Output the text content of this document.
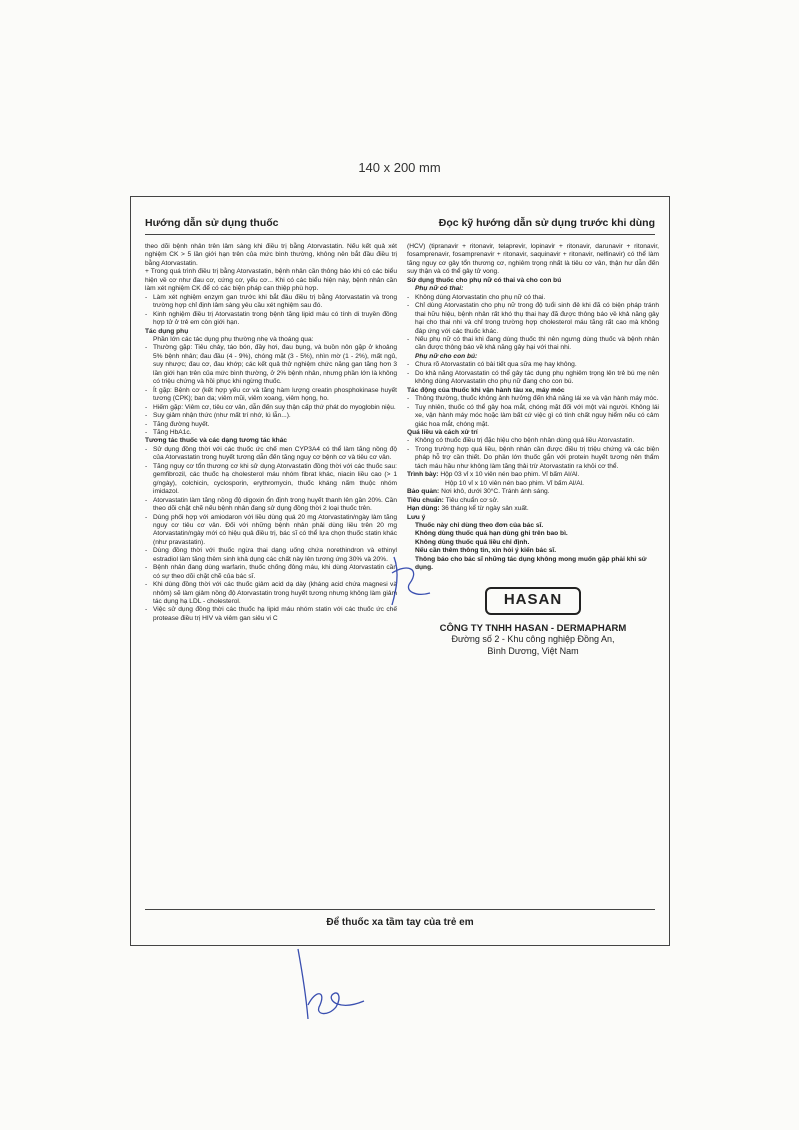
140 x 200 mm
Hướng dẫn sử dụng thuốc	Đọc kỹ hướng dẫn sử dụng trước khi dùng

theo dõi bệnh nhân trên lâm sàng khi điều trị bằng Atorvastatin. Nếu kết quả xét nghiệm CK > 5 lần giới hạn trên của mức bình thường, không nên bắt đầu điều trị bằng Atorvastatin.

+ Trong quá trình điều trị bằng Atorvastatin, bệnh nhân cần thông báo khi có các biểu hiện về cơ như đau cơ, cứng cơ, yếu cơ... Khi có các biểu hiện này, bệnh nhân cần làm xét nghiệm CK để có các biện pháp can thiệp phù hợp.

- Làm xét nghiệm enzym gan trước khi bắt đầu điều trị bằng Atorvastatin và trong trường hợp chỉ định lâm sàng yêu cầu xét nghiệm sau đó.

- Kinh nghiệm điều trị Atorvastatin trong bệnh tăng lipid máu có tính di truyền đồng hợp tử ở trẻ em còn giới hạn.

Tác dụng phụ

Phần lớn các tác dụng phụ thường nhẹ và thoáng qua:

- Thường gặp: Tiêu chảy, táo bón, đầy hơi, đau bụng, và buồn nôn gặp ở khoảng 5% bệnh nhân; đau đầu (4 - 9%), chóng mặt (3 - 5%), nhìn mờ (1 - 2%), mất ngủ, suy nhược; đau cơ, đau khớp; các kết quả thử nghiệm chức năng gan tăng hơn 3 lần giới hạn trên của mức bình thường, ở 2% bệnh nhân, nhưng phần lớn là không có triệu chứng và hồi phục khi ngừng thuốc.

- Ít gặp: Bệnh cơ (kết hợp yếu cơ và tăng hàm lượng creatin phosphokinase huyết tương (CPK); ban da; viêm mũi, viêm xoang, viêm họng, ho.

- Hiếm gặp: Viêm cơ, tiêu cơ vân, dẫn đến suy thận cấp thứ phát do myoglobin niệu.

- Suy giảm nhận thức (như mất trí nhớ, lú lẫn...).

- Tăng đường huyết.

- Tăng HbA1c.

Tương tác thuốc và các dạng tương tác khác

- Sử dụng đồng thời với các thuốc ức chế men CYP3A4 có thể làm tăng nồng độ của Atorvastatin trong huyết tương dẫn đến tăng nguy cơ bệnh cơ và tiêu cơ vân.

- Tăng nguy cơ tổn thương cơ khi sử dụng Atorvastatin đồng thời với các thuốc sau: gemfibrozil, các thuốc hạ cholesterol máu nhóm fibrat khác, niacin liều cao (> 1 g/ngày), colchicin, cyclosporin, erythromycin, thuốc kháng nấm thuộc nhóm imidazol.

- Atorvastatin làm tăng nồng độ digoxin ổn định trong huyết thanh lên gần 20%. Cần theo dõi chặt chẽ nếu bệnh nhân đang sử dụng đồng thời 2 loại thuốc trên.

- Dùng phối hợp với amiodaron với liều dùng quá 20 mg Atorvastatin/ngày làm tăng nguy cơ tiêu cơ vân. Đối với những bệnh nhân phải dùng liều trên 20 mg Atorvastatin/ngày mới có hiệu quả điều trị, bác sĩ có thể lựa chọn thuốc statin khác (như pravastatin).

- Dùng đồng thời với thuốc ngừa thai dạng uống chứa norethindron và ethinyl estradiol làm tăng thêm sinh khả dụng các chất này lên tương ứng 30% và 20%.

- Bệnh nhân đang dùng warfarin, thuốc chống đông máu, khi dùng Atorvastatin cần có sự theo dõi chặt chẽ của bác sĩ.

- Khi dùng đồng thời với các thuốc giảm acid dạ dày (kháng acid chứa magnesi và nhôm) sẽ làm giảm nồng độ Atorvastatin trong huyết tương nhưng không làm giảm tác dụng hạ LDL - cholesterol.

- Việc sử dụng đồng thời các thuốc hạ lipid máu nhóm statin với các thuốc ức chế protease điều trị HIV và viêm gan siêu vi C

(HCV) (tipranavir + ritonavir, telaprevir, lopinavir + ritonavir, darunavir + ritonavir, fosamprenavir, fosamprenavir + ritonavir, saquinavir + ritonavir, nelfinavir) có thể làm tăng nguy cơ gây tổn thương cơ, nghiêm trọng nhất là tiêu cơ vân, thận hư dẫn đến suy thận và có thể gây tử vong.

Sử dụng thuốc cho phụ nữ có thai và cho con bú

Phụ nữ có thai:

- Không dùng Atorvastatin cho phụ nữ có thai.

- Chỉ dùng Atorvastatin cho phụ nữ trong độ tuổi sinh đẻ khi đã có biện pháp tránh thai hữu hiệu, bệnh nhân rất khó thụ thai hay đã được thông báo về khả năng gây hại cho thai nhi và chỉ trong trường hợp cholesterol máu tăng rất cao mà không đáp ứng với các thuốc khác.

- Nếu phụ nữ có thai khi đang dùng thuốc thì nên ngưng dùng thuốc và bệnh nhân cần được thông báo về khả năng gây hại với thai nhi.

Phụ nữ cho con bú:

- Chưa rõ Atorvastatin có bài tiết qua sữa mẹ hay không.

- Do khả năng Atorvastatin có thể gây tác dụng phụ nghiêm trọng lên trẻ bú mẹ nên không dùng Atorvastatin cho phụ nữ đang cho con bú.

Tác động của thuốc khi vận hành tàu xe, máy móc

- Thông thường, thuốc không ảnh hưởng đến khả năng lái xe và vận hành máy móc.

- Tuy nhiên, thuốc có thể gây hoa mắt, chóng mặt đối với một vài người. Không lái xe, vận hành máy móc hoặc làm bất cứ việc gì có tính chất nguy hiểm nếu có cảm giác hoa mắt, chóng mặt.

Quá liều và cách xử trí

- Không có thuốc điều trị đặc hiệu cho bệnh nhân dùng quá liều Atorvastatin.

- Trong trường hợp quá liều, bệnh nhân cần được điều trị triệu chứng và các biện pháp hỗ trợ cần thiết. Do phần lớn thuốc gắn với protein huyết tương nên thẩm tách máu hầu như không làm tăng thải trừ Atorvastatin ra khỏi cơ thể.

Trình bày: Hộp 03 vỉ x 10 viên nén bao phim. Vỉ bấm Al/Al.

Hộp 10 vỉ x 10 viên nén bao phim. Vỉ bấm Al/Al.

Bảo quản: Nơi khô, dưới 30°C. Tránh ánh sáng.

Tiêu chuẩn: Tiêu chuẩn cơ sở.

Hạn dùng: 36 tháng kể từ ngày sản xuất.

Lưu ý

Thuốc này chỉ dùng theo đơn của bác sĩ.

Không dùng thuốc quá hạn dùng ghi trên bao bì.

Không dùng thuốc quá liều chỉ định.

Nếu cần thêm thông tin, xin hỏi ý kiến bác sĩ.

Thông báo cho bác sĩ những tác dụng không mong muốn gặp phải khi sử dụng.

HASAN
CÔNG TY TNHH HASAN - DERMAPHARM
Đường số 2 - Khu công nghiệp Đồng An,
Bình Dương, Việt Nam
Để thuốc xa tầm tay của trẻ em
